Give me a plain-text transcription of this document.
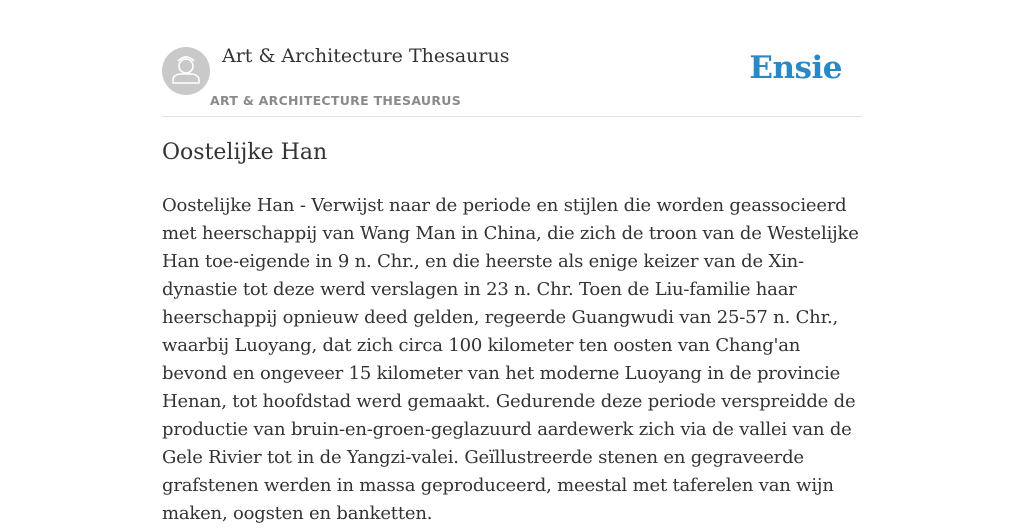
Art & Architecture Thesaurus
ART & ARCHITECTURE THESAURUS
Ensie
Oostelijke Han

Oostelijke Han - Verwijst naar de periode en stijlen die worden geassocieerd met heerschappij van Wang Man in China, die zich de troon van de Westelijke Han toe-eigende in 9 n. Chr., en die heerste als enige keizer van de Xin-dynastie tot deze werd verslagen in 23 n. Chr. Toen de Liu-familie haar heerschappij opnieuw deed gelden, regeerde Guangwudi van 25-57 n. Chr., waarbij Luoyang, dat zich circa 100 kilometer ten oosten van Chang'an bevond en ongeveer 15 kilometer van het moderne Luoyang in de provincie Henan, tot hoofdstad werd gemaakt. Gedurende deze periode verspreidde de productie van bruin-en-groen-geglazuurd aardewerk zich via de vallei van de Gele Rivier tot in de Yangzi-valei. Geïllustreerde stenen en gegraveerde grafstenen werden in massa geproduceerd, meestal met taferelen van wijn maken, oogsten en banketten.
